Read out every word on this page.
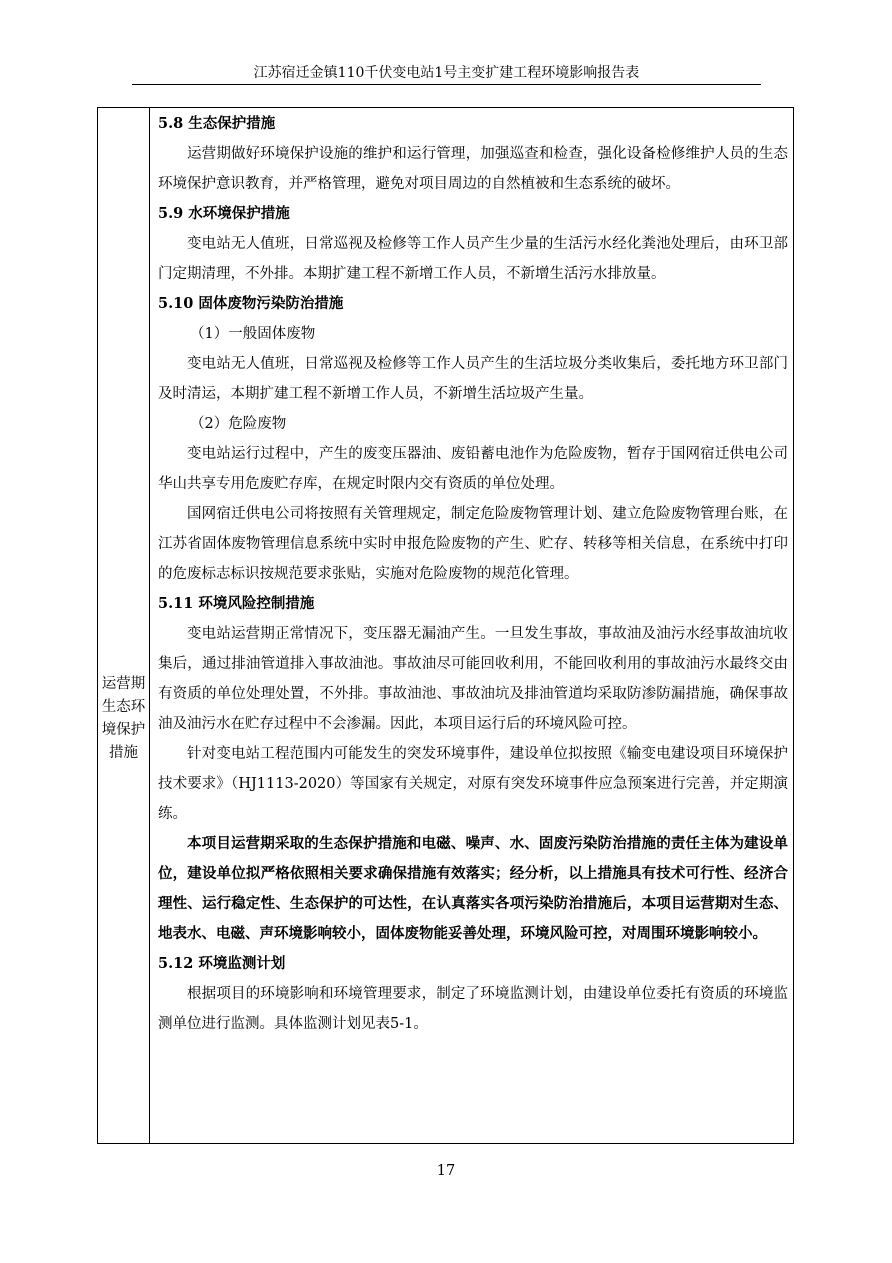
江苏宿迁金镇110千伏变电站1号主变扩建工程环境影响报告表
运营期
生态环
境保护
措施
5.8 生态保护措施
运营期做好环境保护设施的维护和运行管理，加强巡查和检查，强化设备检修维护人员的生态环境保护意识教育，并严格管理，避免对项目周边的自然植被和生态系统的破坏。
5.9 水环境保护措施
变电站无人值班，日常巡视及检修等工作人员产生少量的生活污水经化粪池处理后，由环卫部门定期清理，不外排。本期扩建工程不新增工作人员，不新增生活污水排放量。
5.10 固体废物污染防治措施
（1）一般固体废物
变电站无人值班，日常巡视及检修等工作人员产生的生活垃圾分类收集后，委托地方环卫部门及时清运，本期扩建工程不新增工作人员，不新增生活垃圾产生量。
（2）危险废物
变电站运行过程中，产生的废变压器油、废铅蓄电池作为危险废物，暂存于国网宿迁供电公司华山共享专用危废贮存库，在规定时限内交有资质的单位处理。
国网宿迁供电公司将按照有关管理规定，制定危险废物管理计划、建立危险废物管理台账，在江苏省固体废物管理信息系统中实时申报危险废物的产生、贮存、转移等相关信息，在系统中打印的危废标志标识按规范要求张贴，实施对危险废物的规范化管理。
5.11 环境风险控制措施
变电站运营期正常情况下，变压器无漏油产生。一旦发生事故，事故油及油污水经事故油坑收集后，通过排油管道排入事故油池。事故油尽可能回收利用，不能回收利用的事故油污水最终交由有资质的单位处理处置，不外排。事故油池、事故油坑及排油管道均采取防渗防漏措施，确保事故油及油污水在贮存过程中不会渗漏。因此，本项目运行后的环境风险可控。
针对变电站工程范围内可能发生的突发环境事件，建设单位拟按照《输变电建设项目环境保护技术要求》（HJ1113-2020）等国家有关规定，对原有突发环境事件应急预案进行完善，并定期演练。
本项目运营期采取的生态保护措施和电磁、噪声、水、固废污染防治措施的责任主体为建设单位，建设单位拟严格依照相关要求确保措施有效落实；经分析，以上措施具有技术可行性、经济合理性、运行稳定性、生态保护的可达性，在认真落实各项污染防治措施后，本项目运营期对生态、地表水、电磁、声环境影响较小，固体废物能妥善处理，环境风险可控，对周围环境影响较小。
5.12 环境监测计划
根据项目的环境影响和环境管理要求，制定了环境监测计划，由建设单位委托有资质的环境监测单位进行监测。具体监测计划见表5-1。
17
